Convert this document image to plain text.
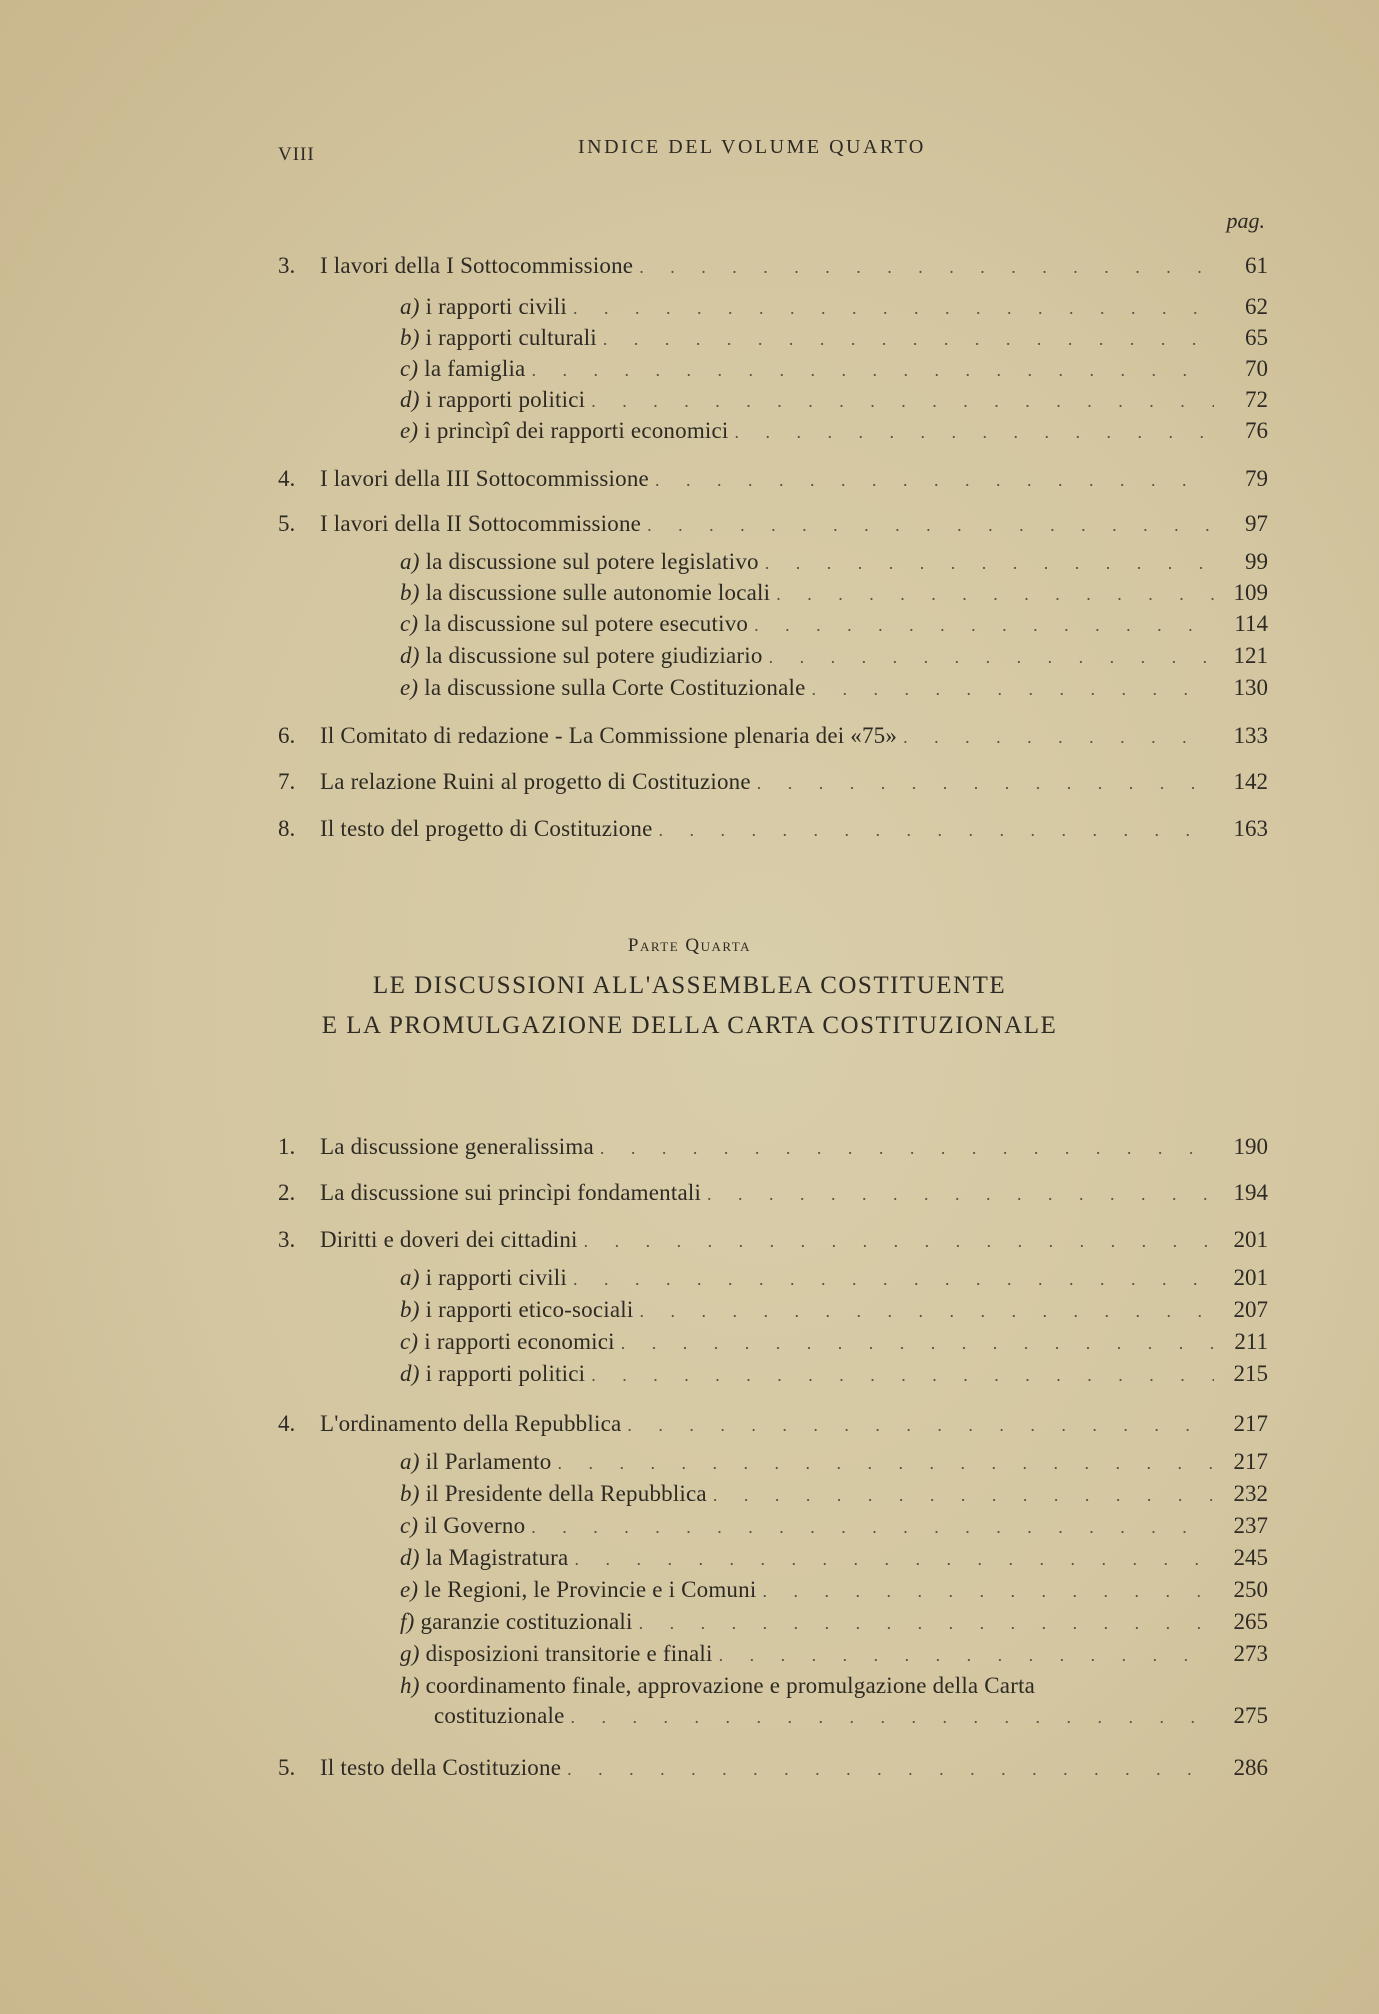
VIII	INDICE DEL VOLUME QUARTO
pag.
3.	I lavori della I Sottocommissione . . .	61
a) i rapporti civili . . .	62
b) i rapporti culturali . . .	65
c) la famiglia . . .	70
d) i rapporti politici . . .	72
e) i princìpî dei rapporti economici . . .	76
4.	I lavori della III Sottocommissione . . .	79
5.	I lavori della II Sottocommissione . . .	97
a) la discussione sul potere legislativo . . .	99
b) la discussione sulle autonomie locali . . .	109
c) la discussione sul potere esecutivo . . .	114
d) la discussione sul potere giudiziario . . .	121
e) la discussione sulla Corte Costituzionale . . .	130
6.	Il Comitato di redazione - La Commissione plenaria dei «75» . . .	133
7.	La relazione Ruini al progetto di Costituzione . . .	142
8.	Il testo del progetto di Costituzione . . .	163
Parte Quarta
LE DISCUSSIONI ALL'ASSEMBLEA COSTITUENTE
E LA PROMULGAZIONE DELLA CARTA COSTITUZIONALE
1.	La discussione generalissima . . .	190
2.	La discussione sui princìpi fondamentali . . .	194
3.	Diritti e doveri dei cittadini . . .	201
a) i rapporti civili . . .	201
b) i rapporti etico-sociali . . .	207
c) i rapporti economici . . .	211
d) i rapporti politici . . .	215
4.	L'ordinamento della Repubblica . . .	217
a) il Parlamento . . .	217
b) il Presidente della Repubblica . . .	232
c) il Governo . . .	237
d) la Magistratura . . .	245
e) le Regioni, le Provincie e i Comuni . . .	250
f) garanzie costituzionali . . .	265
g) disposizioni transitorie e finali . . .	273
h) coordinamento finale, approvazione e promulgazione della Carta
costituzionale . . .	275
5.	Il testo della Costituzione . . .	286
